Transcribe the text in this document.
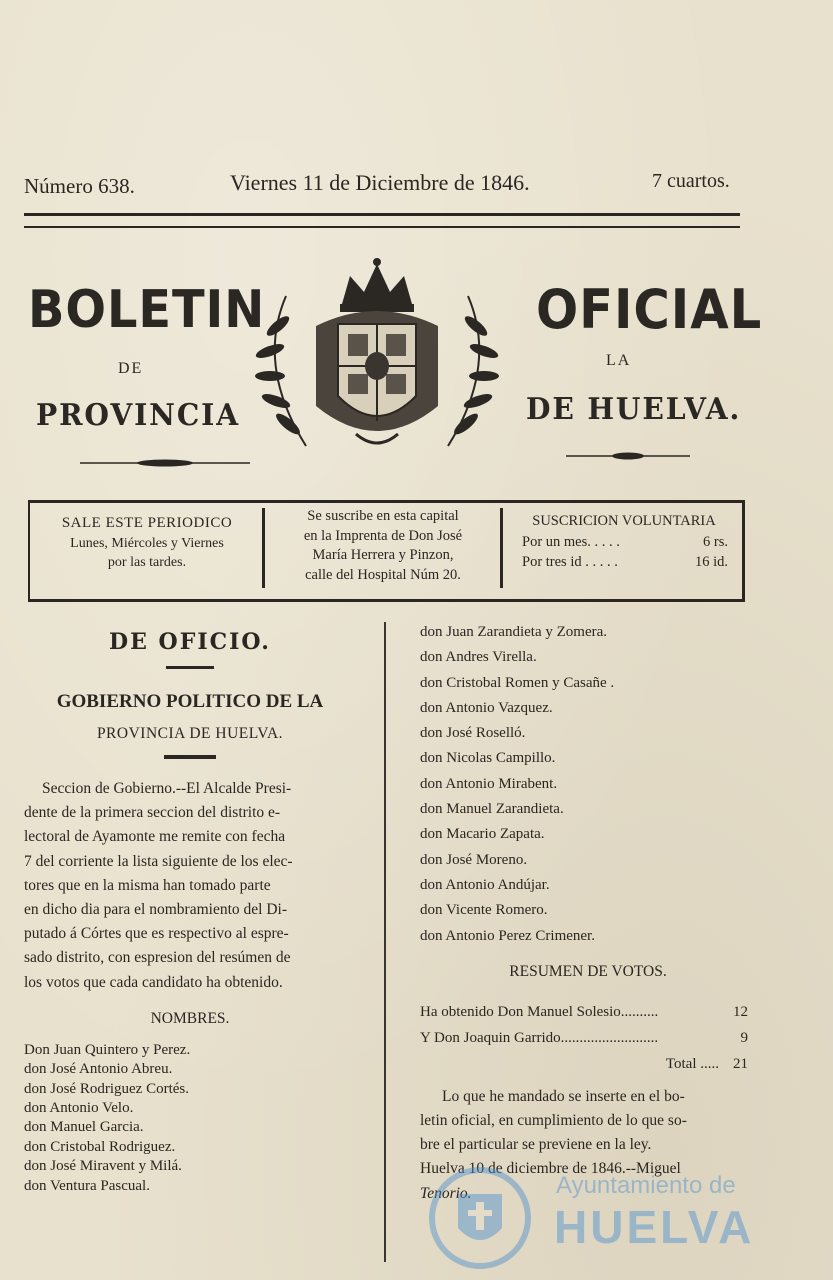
Número 638.	Viernes 11 de Diciembre de 1846.	7 cuartos.
BOLETIN	OFICIAL
DE	LA
PROVINCIA	DE HUELVA.
SALE ESTE PERIODICO
Lunes, Miércoles y Viernes
por las tardes.
Se suscribe en esta capital
en la Imprenta de Don José
María Herrera y Pinzon,
calle del Hospital Núm 20.
SUSCRICION VOLUNTARIA
Por un mes. . . . .	6 rs.
Por tres id . . . . .	16 id.
DE OFICIO.
GOBIERNO POLITICO DE LA
PROVINCIA DE HUELVA.
Seccion de Gobierno.--El Alcalde Presi-
dente de la primera seccion del distrito e-
lectoral de Ayamonte me remite con fecha
7 del corriente la lista siguiente de los elec-
tores que en la misma han tomado parte
en dicho dia para el nombramiento del Di-
putado á Córtes que es respectivo al espre-
sado distrito, con espresion del resúmen de
los votos que cada candidato ha obtenido.
NOMBRES.
Don Juan Quintero y Perez.
don José Antonio Abreu.
don José Rodriguez Cortés.
don Antonio Velo.
don Manuel Garcia.
don Cristobal Rodriguez.
don José Miravent y Milá.
don Ventura Pascual.
don Juan Zarandieta y Zomera.
don Andres Virella.
don Cristobal Romen y Casañe .
don Antonio Vazquez.
don José Roselló.
don Nicolas Campillo.
don Antonio Mirabent.
don Manuel Zarandieta.
don Macario Zapata.
don José Moreno.
don Antonio Andújar.
don Vicente Romero.
don Antonio Perez Crimener.
RESUMEN DE VOTOS.
Ha obtenido Don Manuel Solesio..........	12
Y Don Joaquin Garrido..........................	9
Total ..... 21
Lo que he mandado se inserte en el bo-
letin oficial, en cumplimiento de lo que so-
bre el particular se previene en la ley.
Huelva 10 de diciembre de 1846.--Miguel
Tenorio.	Ayuntamiento de
HUELVA
